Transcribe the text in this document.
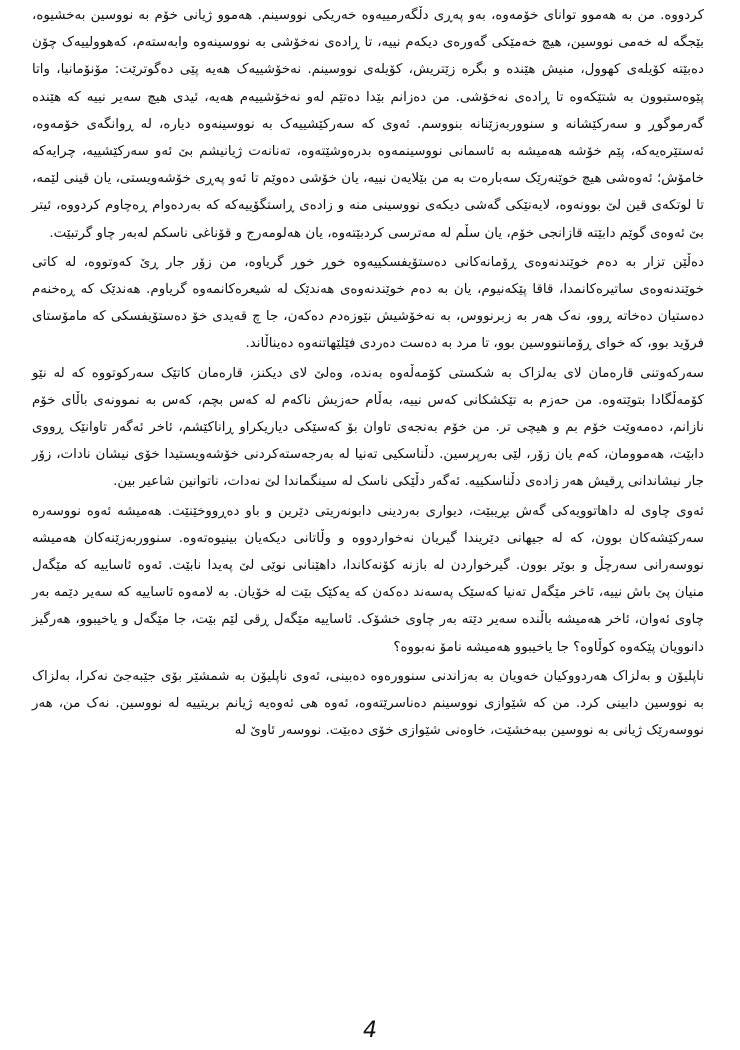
کردووە. من بە هەموو توانای خۆمەوە، بەو پەڕی دڵگەرمییەوە خەریکی نووسینم. هەموو ژیانی خۆم بە نووسین بەخشیوە، بێجگە لە خەمی نووسین، هیچ خەمێکی گەورەی دیکەم نییە، تا ڕادەی نەخۆشی بە نووسینەوە وابەستەم، کەهوولییەک چۆن دەبێتە کۆیلەی کهوول، منیش هێندە و بگرە زێتریش، کۆیلەی نووسینم. نەخۆشییەک هەیە پێی دەگوترێت: مۆنۆمانیا، واتا پێوەستبوون بە شتێکەوە تا ڕادەی نەخۆشی. من دەزانم بێدا دەتێم لەو نەخۆشییەم هەیە، ئیدی هیچ سەیر نییە کە هێندە گەرموگوڕ و سەرکێشانە و سنووربەزێنانە بنووسم. ئەوی کە سەرکێشییەک بە نووسینەوە دیارە، لە ڕوانگەی خۆمەوە، ئەستێرەیەکە، پێم خۆشە هەمیشە بە ئاسمانی نووسینمەوە بدرەوشێتەوە، تەنانەت ژیانیشم بێ ئەو سەرکێشییە، چرایەکە خامۆش؛ ئەوەشی هیچ خوێنەرێک سەبارەت بە من بێلایەن نییە، یان خۆشی دەوێم تا ئەو پەڕی خۆشەویستی، یان قینی لێمە، تا لوتکەی قین لێ بوونەوە، لایەنێکی گەشی دیکەی نووسینی منە و زادەی ڕاستگۆییەکە کە بەردەوام ڕەچاوم کردووە، ئیتر بێ ئەوەی گوێم دابێتە قازانجی خۆم، یان سڵم لە مەترسی کردبێتەوە، یان هەلومەرج و قۆناغی ناسکم لەبەر چاو گرتبێت.

دەڵێن تزار بە دەم خوێندنەوەی ڕۆمانەکانی دەستۆیفسکییەوە خوڕ خوڕ گریاوە، من زۆر جار ڕێ کەوتووە، لە کاتی خوێندنەوەی ساتیرەکانمدا، قاقا پێکەنیوم، یان بە دەم خوێندنەوەی هەندێک لە شیعرەکانمەوە گریاوم. هەندێک کە ڕەخنەم دەستیان دەخاتە ڕوو، نەک هەر بە زبرنووس، بە نەخۆشیش نێوزەدم دەکەن، جا چ قەیدی خۆ دەستۆیفسکی کە مامۆستای فرۆید بوو، کە خوای ڕۆماننووسین بوو، تا مرد بە دەست دەردی فێلێهاتنەوە دەیناڵاند.

سەرکەوتنی قارەمان لای بەلزاک بە شکستی کۆمەڵەوە بەندە، وەلێ لای دیکنز، قارەمان کاتێک سەرکوتووە کە لە نێو کۆمەڵگادا بتوێتەوە. من حەزم بە تێکشکانی کەس نییە، بەڵام حەزیش ناکەم لە کەس بچم، کەس بە نموونەی باڵای خۆم نازانم، دەمەوێت خۆم بم و هیچی تر. من خۆم بەنجەی تاوان بۆ کەسێکی دیاریکراو ڕاناکێشم، ئاخر ئەگەر تاوانێک ڕووی دابێت، هەموومان، کەم یان زۆر، لێی بەرپرسین. دڵناسکیی تەنیا لە بەرجەستەکردنی خۆشەویستیدا خۆی نیشان نادات، زۆر جار نیشاندانی ڕقیش هەر زادەی دڵناسکییە. ئەگەر دڵێکی ناسک لە سینگماندا لێ نەدات، ناتوانین شاعیر بین.

ئەوی چاوی لە داهاتوویەکی گەش بڕیبێت، دیواری بەردینی دابونەریتی دێرین و باو دەڕووخێنێت. هەمیشە ئەوە نووسەرە سەرکێشەکان بوون، کە لە جیهانی دێریندا گیریان نەخواردووە و وڵاتانی دیکەیان بینیوەتەوە. سنووربەزێنەکان هەمیشە نووسەرانی سەرچڵ و بوێر بوون. گیرخواردن لە بازنە کۆنەکاندا، داهێنانی نوێی لێ پەیدا نابێت. ئەوە ئاساییە کە مێگەل منیان پێ باش نییە، ئاخر مێگەل تەنیا کەسێک پەسەند دەکەن کە یەکێک بێت لە خۆیان. بە لامەوە ئاساییە کە سەیر دێمە بەر چاوی ئەوان، ئاخر هەمیشە باڵندە سەیر دێتە بەر چاوی خشۆک. ئاساییە مێگەل ڕقی لێم بێت، جا مێگەل و یاخیبوو، هەرگیز دانوویان پێکەوە کوڵاوە؟ جا یاخیبوو هەمیشە نامۆ نەبووە؟

ناپلیۆن و بەلزاک هەردووکیان خەویان بە بەزاندنی سنوورەوە دەبینی، ئەوی ناپلیۆن بە شمشێر بۆی جێبەجێ نەکرا، بەلزاک بە نووسین دابینی کرد. من کە شێوازی نووسینم دەناسرێتەوە، ئەوە هی ئەوەیە ژیانم بریتییە لە نووسین. نەک من، هەر نووسەرێک ژیانی بە نووسین ببەخشێت، خاوەنی شێوازی خۆی دەبێت. نووسەر ئاوێ لە

4
